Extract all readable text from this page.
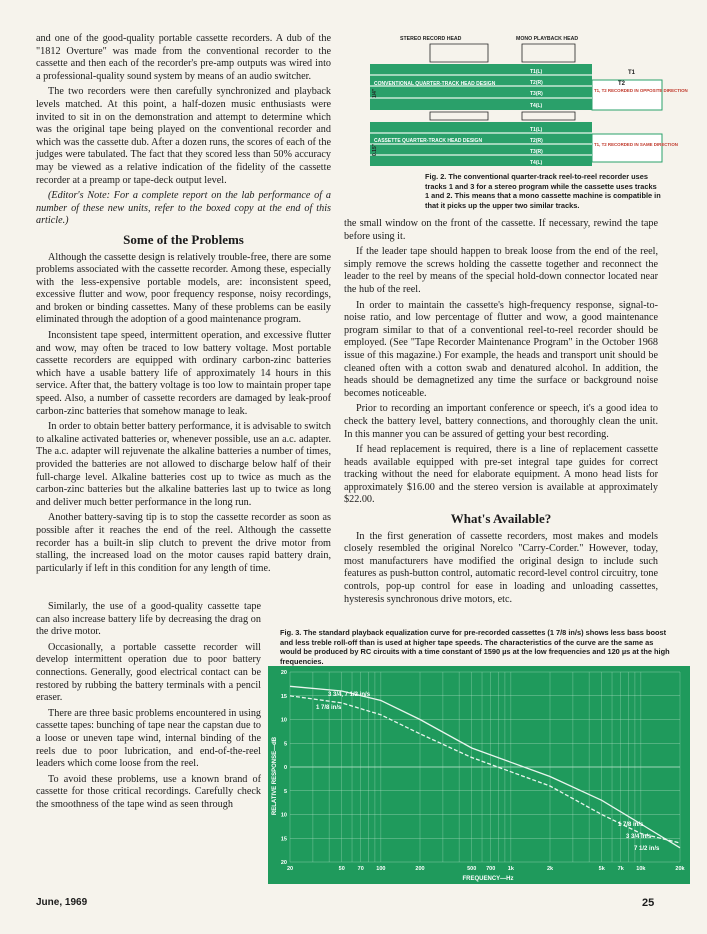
and one of the good-quality portable cassette recorders. A dub of the "1812 Overture" was made from the conventional recorder to the cassette and then each of the recorder's pre-amp outputs was wired into a professional-quality sound system by means of an audio switcher.

The two recorders were then carefully synchronized and playback levels matched. At this point, a half-dozen music enthusiasts were invited to sit in on the demonstration and attempt to determine which was the original tape being played on the conventional recorder and which was the cassette dub. After a dozen runs, the scores of each of the judges were tabulated. The fact that they scored less than 50% accuracy may be viewed as a relative indication of the fidelity of the cassette recorder at a preamp or tape-deck output level.

(Editor's Note: For a complete report on the lab performance of a number of these new units, refer to the boxed copy at the end of this article.)

Some of the Problems

Although the cassette design is relatively trouble-free, there are some problems associated with the cassette recorder. Among these, especially with the less-expensive portable models, are: inconsistent speed, excessive flutter and wow, poor frequency response, noisy recordings, and broken or binding cassettes. Many of these problems can be easily eliminated through the adoption of a good maintenance program.

Inconsistent tape speed, intermittent operation, and excessive flutter and wow, may often be traced to low battery voltage. Most portable cassette recorders are equipped with ordinary carbon-zinc batteries which have a usable battery life of approximately 14 hours in this service. After that, the battery voltage is too low to maintain proper tape speed. Also, a number of cassette recorders are damaged by leak-proof carbon-zinc batteries that somehow manage to leak.

In order to obtain better battery performance, it is advisable to switch to alkaline activated batteries or, whenever possible, use an a.c. adapter. The a.c. adapter will rejuvenate the alkaline batteries a number of times, provided the batteries are not allowed to discharge below half of their full-charge level. Alkaline batteries cost up to twice as much as the carbon-zinc batteries but the alkaline batteries last up to twice as long and deliver much better performance in the long run.

Another battery-saving tip is to stop the cassette recorder as soon as possible after it reaches the end of the reel. Although the cassette recorder has a built-in slip clutch to prevent the drive motor from stalling, the increased load on the motor causes rapid battery drain, particularly if left in this condition for any length of time.

Similarly, the use of a good-quality cassette tape can also increase battery life by decreasing the drag on the drive motor.

Occasionally, a portable cassette recorder will develop intermittent operation due to poor battery connections. Generally, good electrical contact can be restored by rubbing the battery terminals with a pencil eraser.

There are three basic problems encountered in using cassette tapes: bunching of tape near the capstan due to a loose or uneven tape wind, internal binding of the reels due to poor lubrication, and end-of-the-reel leaders which come loose from the reel.

To avoid these problems, use a known brand of cassette for those critical recordings. Carefully check the smoothness of the tape wind as seen through

the small window on the front of the cassette. If necessary, rewind the tape before using it.

If the leader tape should happen to break loose from the end of the reel, simply remove the screws holding the cassette together and reconnect the leader to the reel by means of the special hold-down connector located near the hub of the reel.

In order to maintain the cassette's high-frequency response, signal-to-noise ratio, and low percentage of flutter and wow, a good maintenance program similar to that of a conventional reel-to-reel recorder should be employed. (See "Tape Recorder Maintenance Program" in the October 1968 issue of this magazine.) For example, the heads and transport unit should be cleaned often with a cotton swab and denatured alcohol. In addition, the heads should be demagnetized any time the surface or background noise becomes noticeable.

Prior to recording an important conference or speech, it's a good idea to check the battery level, battery connections, and thoroughly clean the unit. In this manner you can be assured of getting your best recording.

If head replacement is required, there is a line of replacement cassette heads available equipped with pre-set integral tape guides for correct tracking without the need for elaborate equipment. A mono head lists for approximately $16.00 and the stereo version is available at approximately $22.00.

What's Available?

In the first generation of cassette recorders, most makes and models closely resembled the original Norelco "Carry-Corder." However, today, most manufacturers have modified the original design to include such features as push-button control, automatic record-level control circuitry, tone controls, pop-up control for ease in loading and unloading cassettes, hysteresis synchronous drive motors, etc.

STEREO RECORD HEAD	MONO PLAYBACK HEAD
CONVENTIONAL QUARTER-TRACK HEAD DESIGN
T1, T2 RECORDED IN OPPOSITE DIRECTION
T1(L)
T2(R)
T3(R)
T4(L)
T1
T2
1/4"
CASSETTE QUARTER-TRACK HEAD DESIGN
T1, T2 RECORDED IN SAME DIRECTION
T1(L)
T2(R)
T3(R)
T4(L)
0.15"
Fig. 2. The conventional quarter-track reel-to-reel recorder uses tracks 1 and 3 for a stereo program while the cassette uses tracks 1 and 2. This means that a mono cassette machine is compatible in that it picks up the upper two similar tracks.
Fig. 3. The standard playback equalization curve for pre-recorded cassettes (1 7/8 in/s) shows less bass boost and less treble roll-off than is used at higher tape speeds. The characteristics of the curve are the same as would be produced by RC circuits with a time constant of 1590 µs at the low frequencies and 120 µs at the high frequencies.
20
15
10
5
0
5
10
15
20
20	50 70 100	200	500 700 1k	2k	5k 7k 10k	20k
RELATIVE RESPONSE—dB
FREQUENCY—Hz
3 3/4, 7 1/2 in/s
1 7/8 in/s
1 7/8 in/s
3 3/4 in/s
7 1/2 in/s
June, 1969	25
